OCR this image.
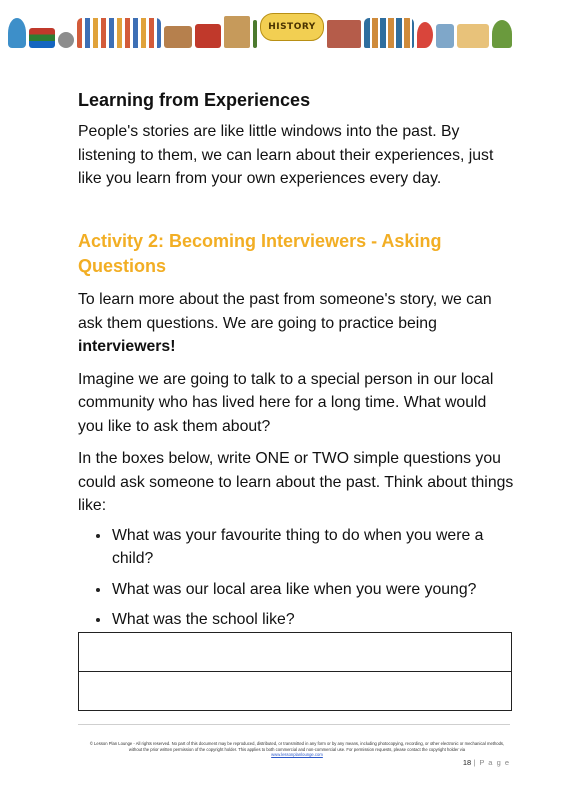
HISTORY
Learning from Experiences

People's stories are like little windows into the past. By listening to them, we can learn about their experiences, just like you learn from your own experiences every day.

Activity 2: Becoming Interviewers - Asking Questions

To learn more about the past from someone's story, we can ask them questions. We are going to practice being interviewers!

Imagine we are going to talk to a special person in our local community who has lived here for a long time. What would you like to ask them about?

In the boxes below, write ONE or TWO simple questions you could ask someone to learn about the past. Think about things like:

What was your favourite thing to do when you were a child?
What was our local area like when you were young?
What was the school like?
© Lesson Plan Lounge - All rights reserved. No part of this document may be reproduced, distributed, or transmitted in any form or by any means, including photocopying, recording, or other electronic or mechanical methods, without the prior written permission of the copyright holder. This applies to both commercial and non-commercial use. For permission requests, please contact the copyright holder via
www.lessonplanlounge.com
18 | P a g e
